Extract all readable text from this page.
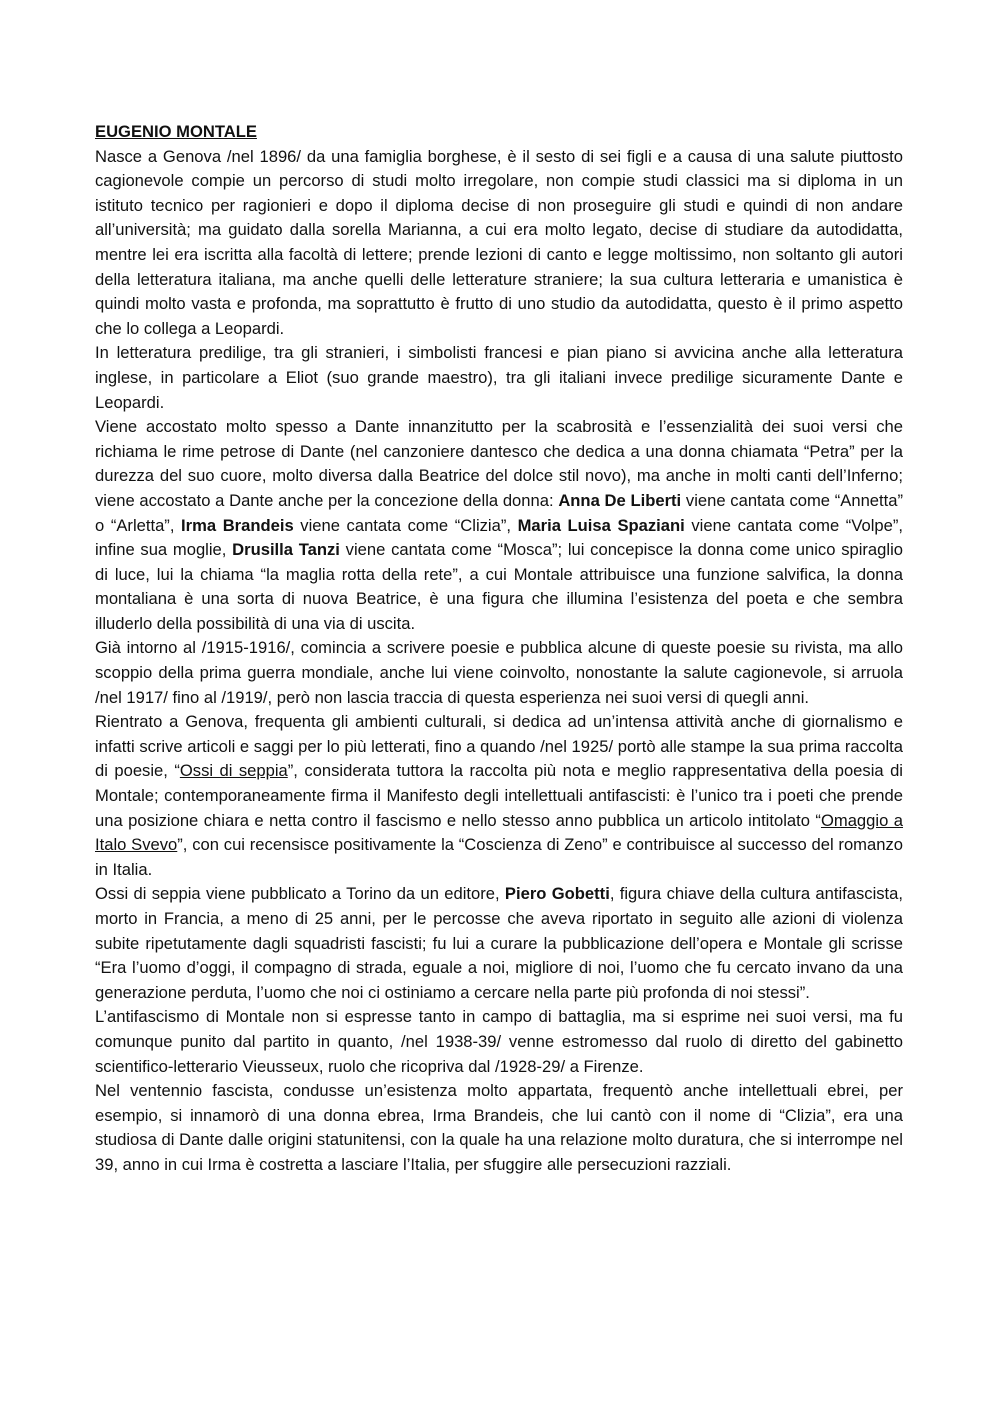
EUGENIO MONTALE

Nasce a Genova /nel 1896/ da una famiglia borghese, è il sesto di sei figli e a causa di una salute piuttosto cagionevole compie un percorso di studi molto irregolare, non compie studi classici ma si diploma in un istituto tecnico per ragionieri e dopo il diploma decise di non proseguire gli studi e quindi di non andare all’università; ma guidato dalla sorella Marianna, a cui era molto legato, decise di studiare da autodidatta, mentre lei era iscritta alla facoltà di lettere; prende lezioni di canto e legge moltissimo, non soltanto gli autori della letteratura italiana, ma anche quelli delle letterature straniere; la sua cultura letteraria e umanistica è quindi molto vasta e profonda, ma soprattutto è frutto di uno studio da autodidatta, questo è il primo aspetto che lo collega a Leopardi.

In letteratura predilige, tra gli stranieri, i simbolisti francesi e pian piano si avvicina anche alla letteratura inglese, in particolare a Eliot (suo grande maestro), tra gli italiani invece predilige sicuramente Dante e Leopardi.

Viene accostato molto spesso a Dante innanzitutto per la scabrosità e l’essenzialità dei suoi versi che richiama le rime petrose di Dante (nel canzoniere dantesco che dedica a una donna chiamata “Petra” per la durezza del suo cuore, molto diversa dalla Beatrice del dolce stil novo), ma anche in molti canti dell’Inferno; viene accostato a Dante anche per la concezione della donna: Anna De Liberti viene cantata come “Annetta” o “Arletta”, Irma Brandeis viene cantata come “Clizia”, Maria Luisa Spaziani viene cantata come “Volpe”, infine sua moglie, Drusilla Tanzi viene cantata come “Mosca”; lui concepisce la donna come unico spiraglio di luce, lui la chiama “la maglia rotta della rete”, a cui Montale attribuisce una funzione salvifica, la donna montaliana è una sorta di nuova Beatrice, è una figura che illumina l’esistenza del poeta e che sembra illuderlo della possibilità di una via di uscita.

Già intorno al /1915-1916/, comincia a scrivere poesie e pubblica alcune di queste poesie su rivista, ma allo scoppio della prima guerra mondiale, anche lui viene coinvolto, nonostante la salute cagionevole, si arruola /nel 1917/ fino al /1919/, però non lascia traccia di questa esperienza nei suoi versi di quegli anni.

Rientrato a Genova, frequenta gli ambienti culturali, si dedica ad un’intensa attività anche di giornalismo e infatti scrive articoli e saggi per lo più letterati, fino a quando /nel 1925/ portò alle stampe la sua prima raccolta di poesie, “Ossi di seppia”, considerata tuttora la raccolta più nota e meglio rappresentativa della poesia di Montale; contemporaneamente firma il Manifesto degli intellettuali antifascisti: è l’unico tra i poeti che prende una posizione chiara e netta contro il fascismo e nello stesso anno pubblica un articolo intitolato “Omaggio a Italo Svevo”, con cui recensisce positivamente la “Coscienza di Zeno” e contribuisce al successo del romanzo in Italia.

Ossi di seppia viene pubblicato a Torino da un editore, Piero Gobetti, figura chiave della cultura antifascista, morto in Francia, a meno di 25 anni, per le percosse che aveva riportato in seguito alle azioni di violenza subite ripetutamente dagli squadristi fascisti; fu lui a curare la pubblicazione dell’opera e Montale gli scrisse “Era l’uomo d’oggi, il compagno di strada, eguale a noi, migliore di noi, l’uomo che fu cercato invano da una generazione perduta, l’uomo che noi ci ostiniamo a cercare nella parte più profonda di noi stessi”.

L’antifascismo di Montale non si espresse tanto in campo di battaglia, ma si esprime nei suoi versi, ma fu comunque punito dal partito in quanto, /nel 1938-39/ venne estromesso dal ruolo di diretto del gabinetto scientifico-letterario Vieusseux, ruolo che ricopriva dal /1928-29/ a Firenze.

Nel ventennio fascista, condusse un’esistenza molto appartata, frequentò anche intellettuali ebrei, per esempio, si innamorò di una donna ebrea, Irma Brandeis, che lui cantò con il nome di “Clizia”, era una studiosa di Dante dalle origini statunitensi, con la quale ha una relazione molto duratura, che si interrompe nel 39, anno in cui Irma è costretta a lasciare l’Italia, per sfuggire alle persecuzioni razziali.
